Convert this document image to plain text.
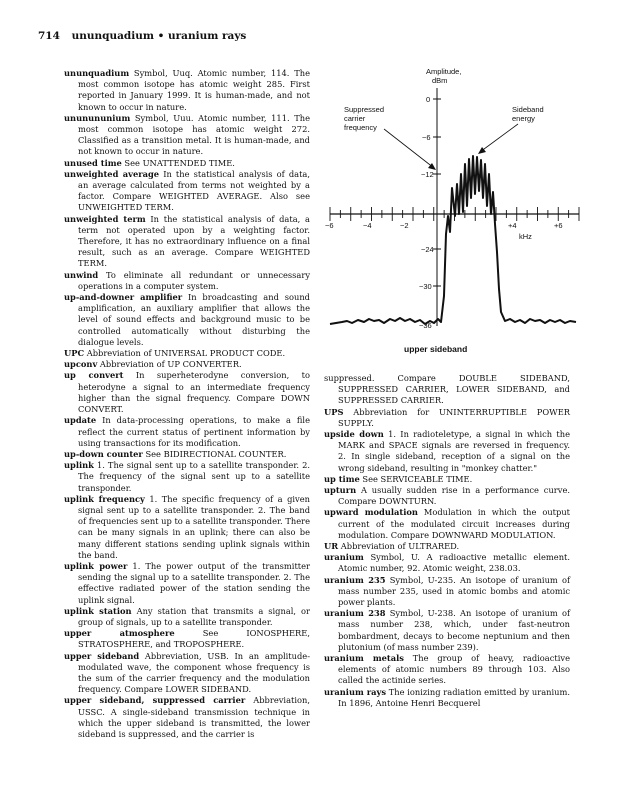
714 ununquadium • uranium rays

ununquadium Symbol, Uuq. Atomic number, 114. The most common isotope has atomic weight 285. First reported in January 1999. It is human-made, and not known to occur in nature.

ununununium Symbol, Uuu. Atomic number, 111. The most common isotope has atomic weight 272. Classified as a transition metal. It is human-made, and not known to occur in nature.

unused time See UNATTENDED TIME.

unweighted average In the statistical analysis of data, an average calculated from terms not weighted by a factor. Compare WEIGHTED AVERAGE. Also see UNWEIGHTED TERM.

unweighted term In the statistical analysis of data, a term not operated upon by a weighting factor. Therefore, it has no extraordinary influence on a final result, such as an average. Compare WEIGHTED TERM.

unwind To eliminate all redundant or unnecessary operations in a computer system.

up-and-downer amplifier In broadcasting and sound amplification, an auxiliary amplifier that allows the level of sound effects and background music to be controlled automatically without disturbing the dialogue levels.

UPC Abbreviation of UNIVERSAL PRODUCT CODE.

upconv Abbreviation of UP CONVERTER.

up convert In superheterodyne conversion, to heterodyne a signal to an intermediate frequency higher than the signal frequency. Compare DOWN CONVERT.

update In data-processing operations, to make a file reflect the current status of pertinent information by using transactions for its modification.

up-down counter See BIDIRECTIONAL COUNTER.

uplink 1. The signal sent up to a satellite transponder. 2. The frequency of the signal sent up to a satellite transponder.

uplink frequency 1. The specific frequency of a given signal sent up to a satellite transponder. 2. The band of frequencies sent up to a satellite transponder. There can be many signals in an uplink; there can also be many different stations sending uplink signals within the band.

uplink power 1. The power output of the transmitter sending the signal up to a satellite transponder. 2. The effective radiated power of the station sending the uplink signal.

uplink station Any station that transmits a signal, or group of signals, up to a satellite transponder.

upper atmosphere	See IONOSPHERE, STRATOSPHERE, and TROPOSPHERE.

upper sideband Abbreviation, USB. In an amplitude-modulated wave, the component whose frequency is the sum of the carrier frequency and the modulation frequency. Compare LOWER SIDEBAND.

upper sideband, suppressed carrier Abbreviation, USSC. A single-sideband transmission technique in which the upper sideband is transmitted, the lower sideband is suppressed, and the carrier is

Amplitude,
dBm
0
−6
−12
−24
−30
−36
−6	−4	−2	+4	+6
kHz
Suppressed
carrier
frequency
Sideband
energy
upper sideband

suppressed. Compare DOUBLE SIDEBAND, SUPPRESSED CARRIER, LOWER SIDEBAND, and SUPPRESSED CARRIER.

UPS Abbreviation for UNINTERRUPTIBLE POWER SUPPLY.

upside down 1. In radioteletype, a signal in which the MARK and SPACE signals are reversed in frequency. 2. In single sideband, reception of a signal on the wrong sideband, resulting in "monkey chatter."

up time See SERVICEABLE TIME.

upturn A usually sudden rise in a performance curve. Compare DOWNTURN.

upward modulation Modulation in which the output current of the modulated circuit increases during modulation. Compare DOWNWARD MODULATION.

UR Abbreviation of ULTRARED.

uranium Symbol, U. A radioactive metallic element. Atomic number, 92. Atomic weight, 238.03.

uranium 235 Symbol, U-235. An isotope of uranium of mass number 235, used in atomic bombs and atomic power plants.

uranium 238 Symbol, U-238. An isotope of uranium of mass number 238, which, under fast-neutron bombardment, decays to become neptunium and then plutonium (of mass number 239).

uranium metals The group of heavy, radioactive elements of atomic numbers 89 through 103. Also called the actinide series.

uranium rays The ionizing radiation emitted by uranium. In 1896, Antoine Henri Becquerel
